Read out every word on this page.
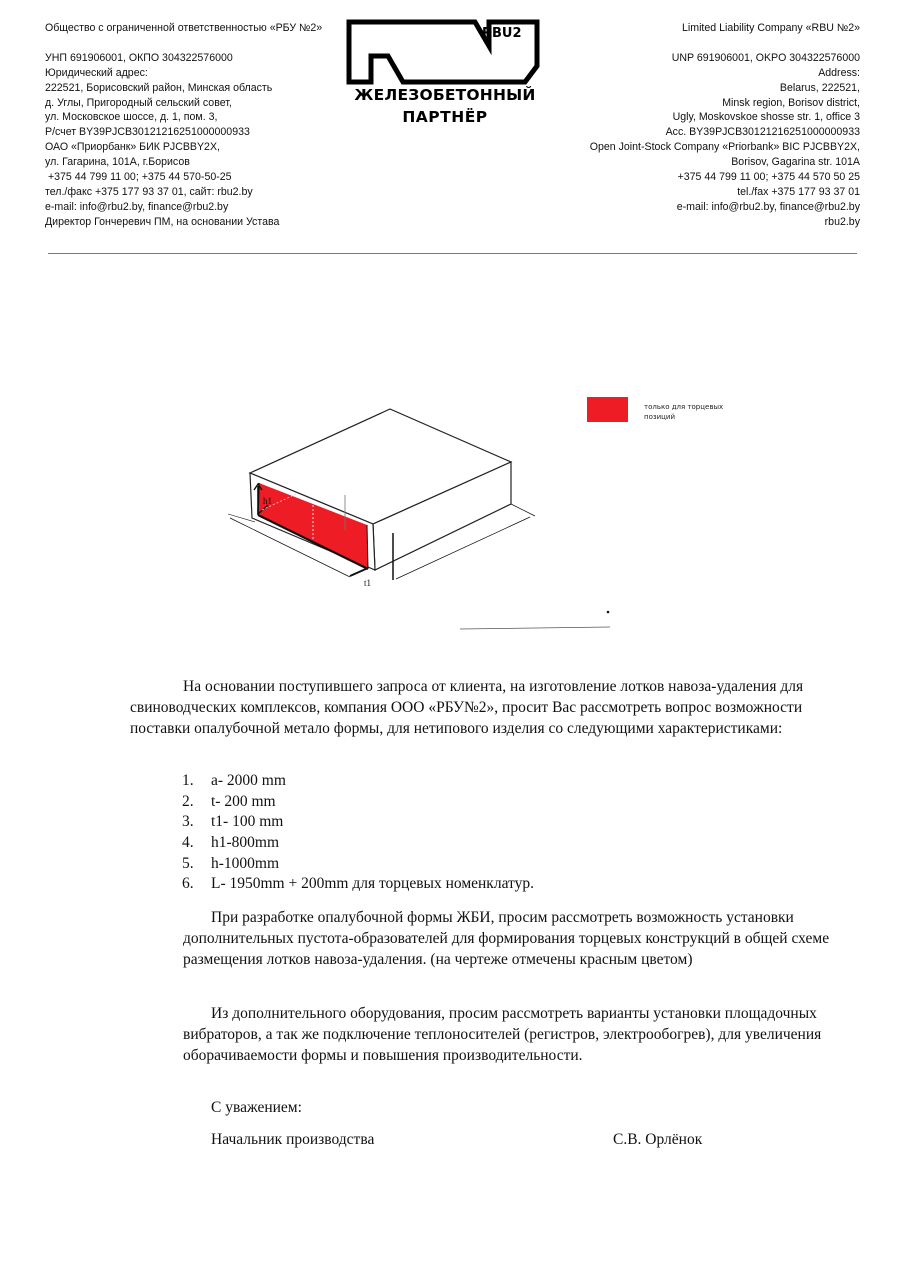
Общество с ограниченной ответственностью «РБУ №2»
УНП 691906001, ОКПО 304322576000
Юридический адрес:
222521, Борисовский район, Минская область
д. Углы, Пригородный сельский совет,
ул. Московское шоссе, д. 1, пом. 3,
Р/счет BY39PJCB30121216251000000933
ОАО «Приорбанк» БИК PJCBBY2X,
ул. Гагарина, 101А, г.Борисов
+375 44 799 11 00; +375 44 570-50-25
тел./факс +375 177 93 37 01, сайт: rbu2.by
e-mail: info@rbu2.by, finance@rbu2.by
Директор Гончеревич ПМ, на основании Устава
RBU2
ЖЕЛЕЗОБЕТОННЫЙ
ПАРТНЁР
Limited Liability Company «RBU №2»
UNP 691906001, OKPO 304322576000
Address:
Belarus, 222521,
Minsk region, Borisov district,
Ugly, Moskovskoe shosse str. 1, office 3
Acc. BY39PJCB30121216251000000933
Open Joint-Stock Company «Priorbank» BIC PJCBBY2X,
Borisov, Gagarina str. 101A
+375 44 799 11 00; +375 44 570 50 25
tel./fax +375 177 93 37 01
e-mail: info@rbu2.by, finance@rbu2.by
rbu2.by
h1
t1
только для торцевых позиций
На основании поступившего запроса от клиента, на изготовление лотков навоза-удаления для свиноводческих комплексов, компания ООО «РБУ№2», просит Вас рассмотреть вопрос возможности поставки опалубочной метало формы, для нетипового изделия со следующими характеристиками:
1. a- 2000 mm
2. t- 200 mm
3. t1- 100 mm
4. h1-800mm
5. h-1000mm
6. L- 1950mm + 200mm для торцевых номенклатур.
При разработке опалубочной формы ЖБИ, просим рассмотреть возможность установки дополнительных пустота-образователей для формирования торцевых конструкций в общей схеме размещения лотков навоза-удаления. (на чертеже отмечены красным цветом)
Из дополнительного оборудования, просим рассмотреть варианты установки площадочных вибраторов, а так же подключение теплоносителей (регистров, электрообогрев), для увеличения оборачиваемости формы и повышения производительности.
С уважением:
Начальник производства	С.В. Орлёнок
